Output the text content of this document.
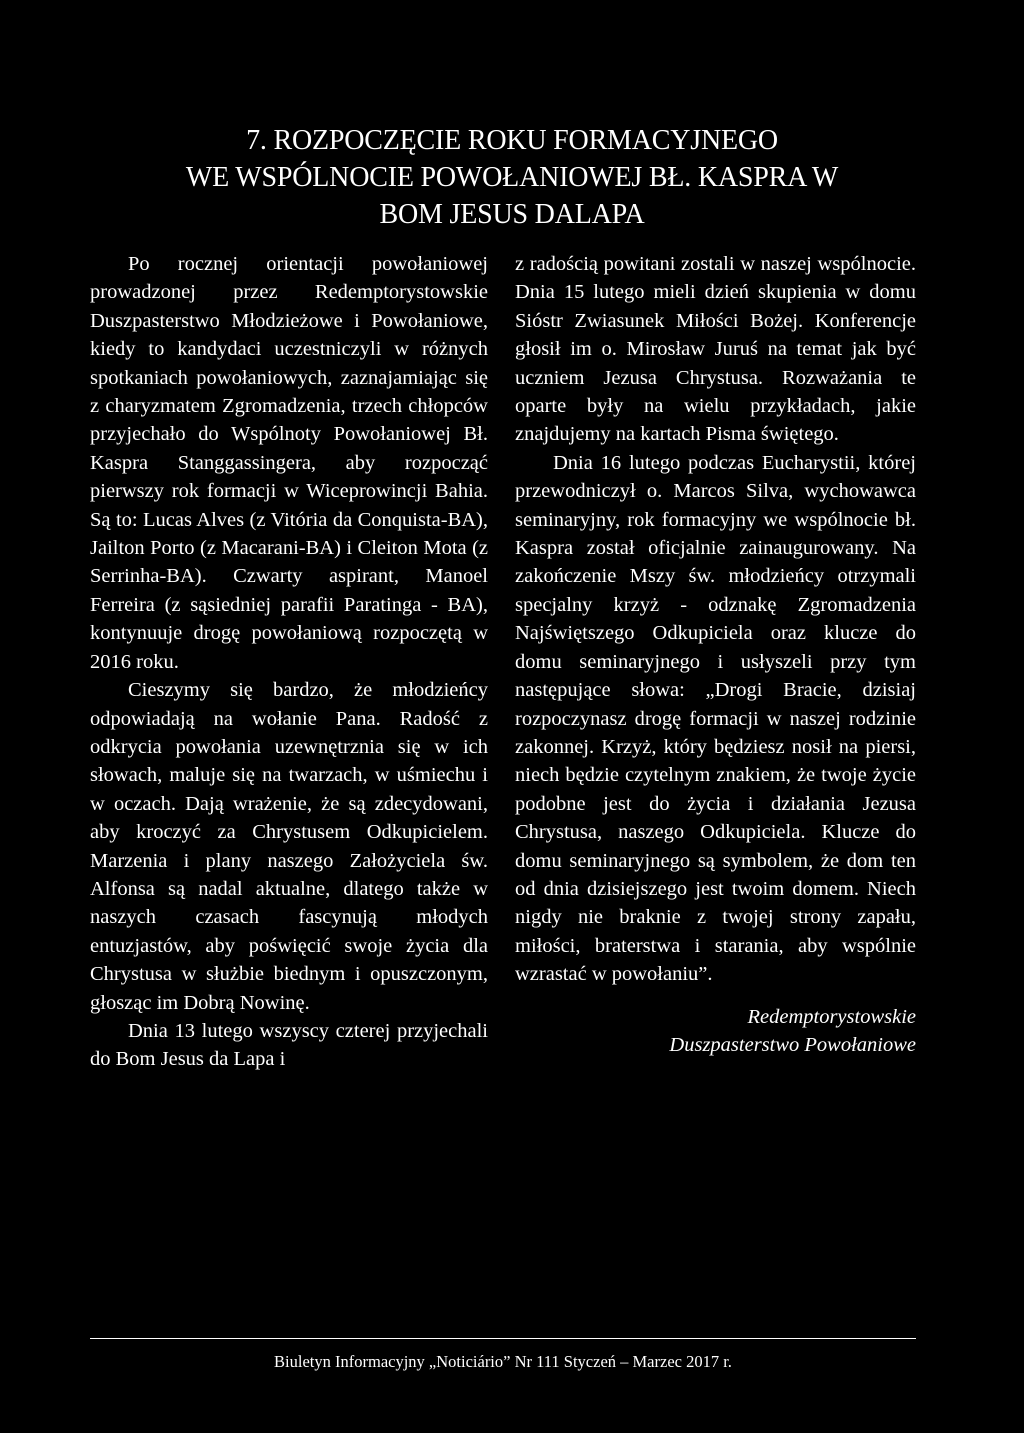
7. ROZPOCZĘCIE ROKU FORMACYJNEGO
WE WSPÓLNOCIE POWOŁANIOWEJ BŁ. KASPRA W
BOM JESUS DALAPA

Po rocznej orientacji powołaniowej prowadzonej przez Redemptorystowskie Duszpasterstwo Młodzieżowe i Powołaniowe, kiedy to kandydaci uczestniczyli w różnych spotkaniach powołaniowych, zaznajamiając się z charyzmatem Zgromadzenia, trzech chłopców przyjechało do Wspólnoty Powołaniowej Bł. Kaspra Stanggassingera, aby rozpocząć pierwszy rok formacji w Wiceprowincji Bahia. Są to: Lucas Alves (z Vitória da Conquista-BA), Jailton Porto (z Macarani-BA) i Cleiton Mota (z Serrinha-BA). Czwarty aspirant, Manoel Ferreira (z sąsiedniej parafii Paratinga - BA), kontynuuje drogę powołaniową rozpoczętą w 2016 roku.

Cieszymy się bardzo, że młodzieńcy odpowiadają na wołanie Pana. Radość z odkrycia powołania uzewnętrznia się w ich słowach, maluje się na twarzach, w uśmiechu i w oczach. Dają wrażenie, że są zdecydowani, aby kroczyć za Chrystusem Odkupicielem. Marzenia i plany naszego Założyciela św. Alfonsa są nadal aktualne, dlatego także w naszych czasach fascynują młodych entuzjastów, aby poświęcić swoje życia dla Chrystusa w służbie biednym i opuszczonym, głosząc im Dobrą Nowinę.

Dnia 13 lutego wszyscy czterej przyjechali do Bom Jesus da Lapa i

z radością powitani zostali w naszej wspólnocie. Dnia 15 lutego mieli dzień skupienia w domu Sióstr Zwiasunek Miłości Bożej. Konferencje głosił im o. Mirosław Juruś na temat jak być uczniem Jezusa Chrystusa. Rozważania te oparte były na wielu przykładach, jakie znajdujemy na kartach Pisma świętego.

Dnia 16 lutego podczas Eucharystii, której przewodniczył o. Marcos Silva, wychowawca seminaryjny, rok formacyjny we wspólnocie bł. Kaspra został oficjalnie zainaugurowany. Na zakończenie Mszy św. młodzieńcy otrzymali specjalny krzyż - odznakę Zgromadzenia Najświętszego Odkupiciela oraz klucze do domu seminaryjnego i usłyszeli przy tym następujące słowa: „Drogi Bracie, dzisiaj rozpoczynasz drogę formacji w naszej rodzinie zakonnej. Krzyż, który będziesz nosił na piersi, niech będzie czytelnym znakiem, że twoje życie podobne jest do życia i działania Jezusa Chrystusa, naszego Odkupiciela. Klucze do domu seminaryjnego są symbolem, że dom ten od dnia dzisiejszego jest twoim domem. Niech nigdy nie braknie z twojej strony zapału, miłości, braterstwa i starania, aby wspólnie wzrastać w powołaniu”.

Redemptorystowskie
Duszpasterstwo Powołaniowe
Biuletyn Informacyjny „Noticiário” Nr 111 Styczeń – Marzec 2017 r.
